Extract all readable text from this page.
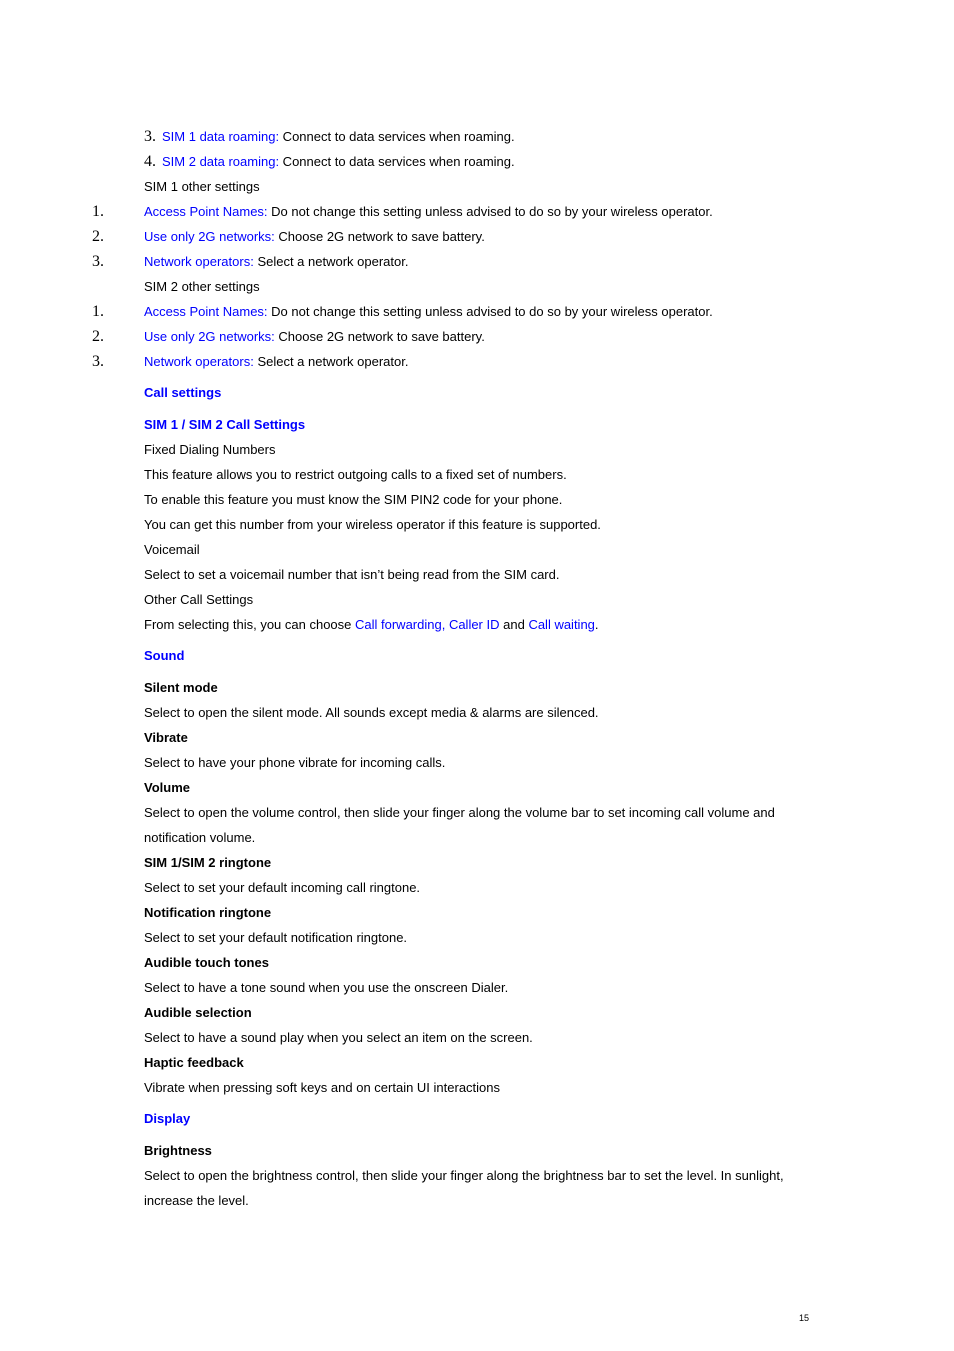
3. SIM 1 data roaming: Connect to data services when roaming.
4. SIM 2 data roaming: Connect to data services when roaming.
SIM 1 other settings
1.	Access Point Names: Do not change this setting unless advised to do so by your wireless operator.
2.	Use only 2G networks: Choose 2G network to save battery.
3.	Network operators: Select a network operator.
SIM 2 other settings
1.	Access Point Names: Do not change this setting unless advised to do so by your wireless operator.
2.	Use only 2G networks: Choose 2G network to save battery.
3.	Network operators: Select a network operator.
Call settings
SIM 1 / SIM 2 Call Settings
Fixed Dialing Numbers
This feature allows you to restrict outgoing calls to a fixed set of numbers.
To enable this feature you must know the SIM PIN2 code for your phone.
You can get this number from your wireless operator if this feature is supported.
Voicemail
Select to set a voicemail number that isn’t being read from the SIM card.
Other Call Settings
From selecting this, you can choose Call forwarding, Caller ID and Call waiting.
Sound
Silent mode
Select to open the silent mode. All sounds except media & alarms are silenced.
Vibrate
Select to have your phone vibrate for incoming calls.
Volume
Select to open the volume control, then slide your finger along the volume bar to set incoming call volume and
notification volume.
SIM 1/SIM 2 ringtone
Select to set your default incoming call ringtone.
Notification ringtone
Select to set your default notification ringtone.
Audible touch tones
Select to have a tone sound when you use the onscreen Dialer.
Audible selection
Select to have a sound play when you select an item on the screen.
Haptic feedback
Vibrate when pressing soft keys and on certain UI interactions
Display
Brightness
Select to open the brightness control, then slide your finger along the brightness bar to set the level. In sunlight,
increase the level.
15
